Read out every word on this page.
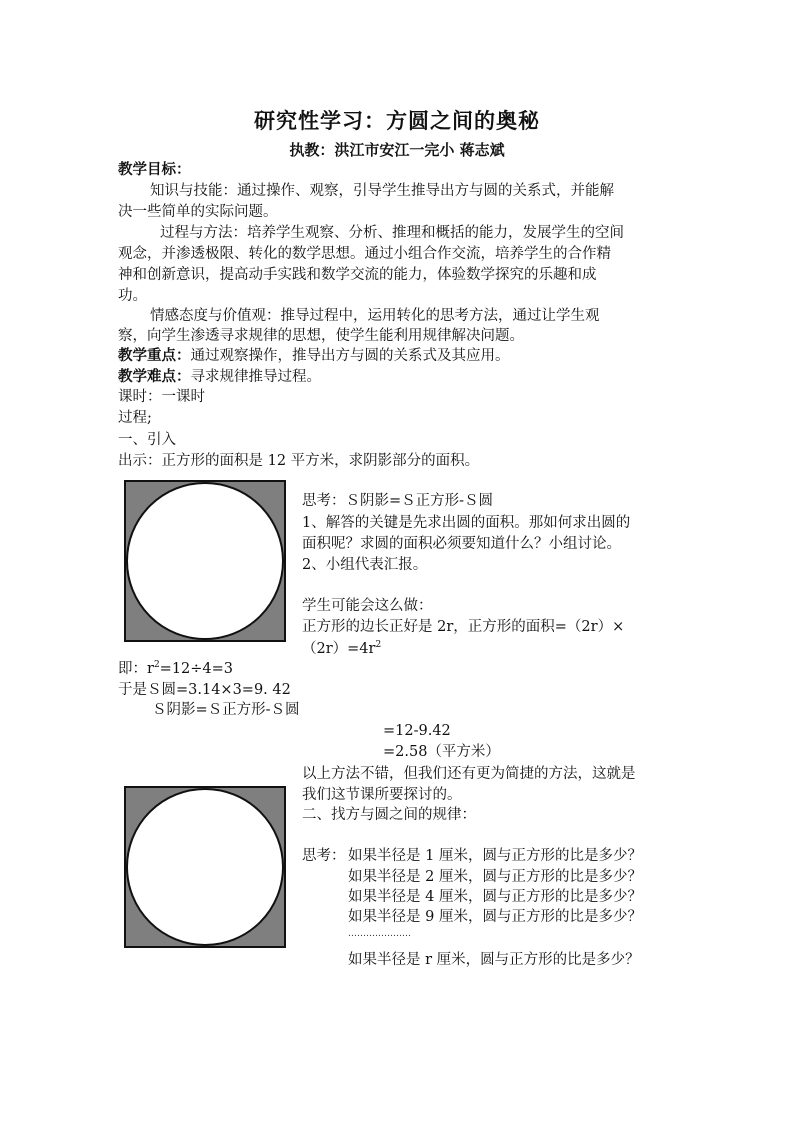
研究性学习：方圆之间的奥秘
执教：洪江市安江一完小 蒋志斌
教学目标：
知识与技能：通过操作、观察，引导学生推导出方与圆的关系式，并能解
决一些简单的实际问题。
过程与方法：培养学生观察、分析、推理和概括的能力，发展学生的空间
观念，并渗透极限、转化的数学思想。通过小组合作交流，培养学生的合作精
神和创新意识，提高动手实践和数学交流的能力，体验数学探究的乐趣和成
功。
情感态度与价值观：推导过程中，运用转化的思考方法，通过让学生观
察，向学生渗透寻求规律的思想，使学生能利用规律解决问题。
教学重点：通过观察操作，推导出方与圆的关系式及其应用。
教学难点：寻求规律推导过程。
课时：一课时
过程;
一、引入
出示：正方形的面积是 12 平方米，求阴影部分的面积。
思考：Ｓ阴影=Ｓ正方形-Ｓ圆
1、解答的关键是先求出圆的面积。那如何求出圆的
面积呢？求圆的面积必须要知道什么？小组讨论。
2、小组代表汇报。
学生可能会这么做：
正方形的边长正好是 2r，正方形的面积=（2r）×
$(2r)=4r^2$
即：$r^2=12\div 4=3$
于是Ｓ圆=3.14×3=9. 42
Ｓ阴影=Ｓ正方形-Ｓ圆
=12-9.42
=2.58（平方米）
以上方法不错，但我们还有更为简捷的方法，这就是
我们这节课所要探讨的。
二、找方与圆之间的规律：
思考： 如果半径是 1 厘米，圆与正方形的比是多少？
如果半径是 2 厘米，圆与正方形的比是多少？
如果半径是 4 厘米，圆与正方形的比是多少？
如果半径是 9 厘米，圆与正方形的比是多少？
…………………
如果半径是 r 厘米，圆与正方形的比是多少？
